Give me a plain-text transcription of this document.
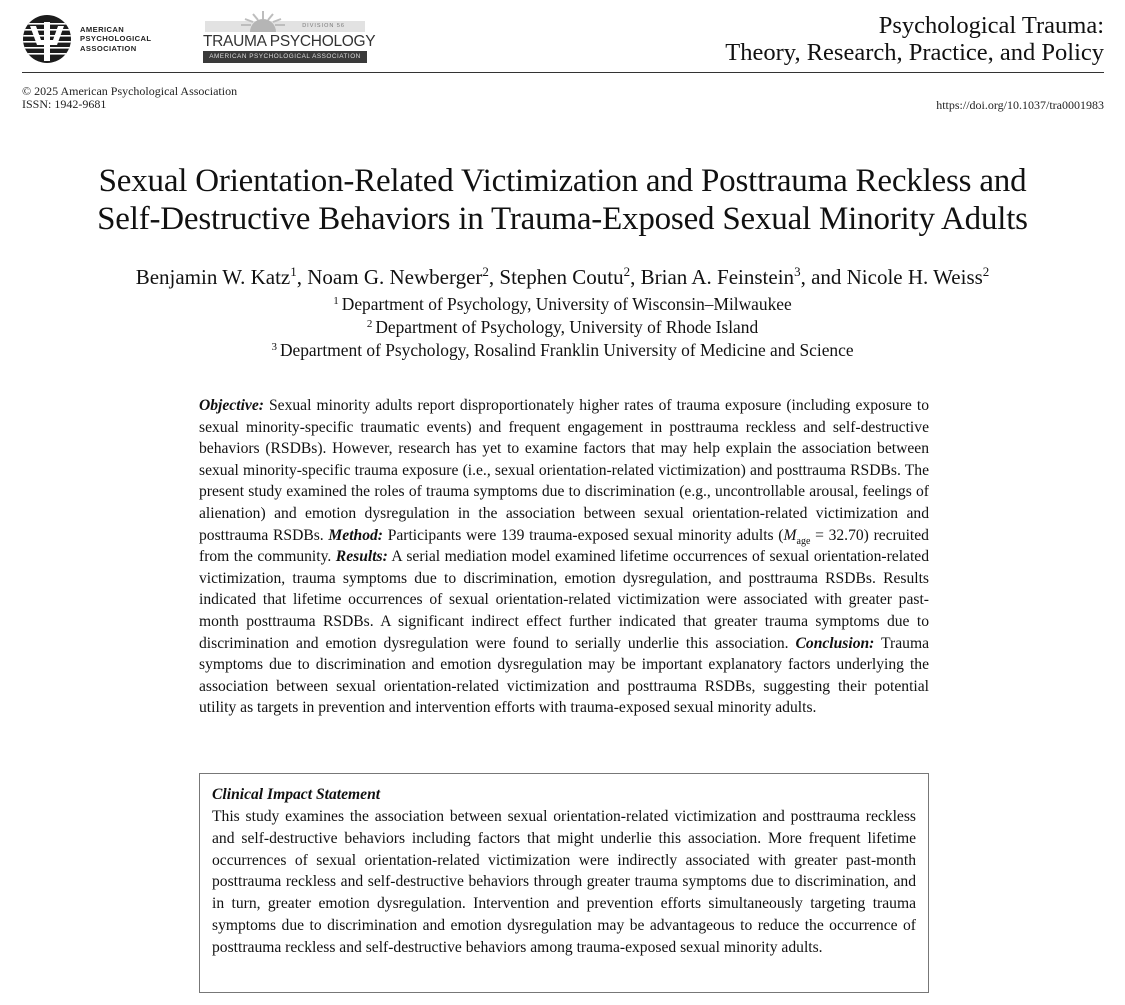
AMERICAN
PSYCHOLOGICAL
ASSOCIATION
DIVISION 56
TRAUMA PSYCHOLOGY
AMERICAN PSYCHOLOGICAL ASSOCIATION
Psychological Trauma:
Theory, Research, Practice, and Policy
© 2025 American Psychological Association
ISSN: 1942-9681	https://doi.org/10.1037/tra0001983
Sexual Orientation-Related Victimization and Posttrauma Reckless and
Self-Destructive Behaviors in Trauma-Exposed Sexual Minority Adults
Benjamin W. Katz$^1$, Noam G. Newberger$^2$, Stephen Coutu$^2$, Brian A. Feinstein$^3$, and Nicole H. Weiss$^2$
$^1$ Department of Psychology, University of Wisconsin–Milwaukee
$^2$ Department of Psychology, University of Rhode Island
$^3$ Department of Psychology, Rosalind Franklin University of Medicine and Science
Objective: Sexual minority adults report disproportionately higher rates of trauma exposure (including exposure to sexual minority-specific traumatic events) and frequent engagement in posttrauma reckless and self-destructive behaviors (RSDBs). However, research has yet to examine factors that may help explain the association between sexual minority-specific trauma exposure (i.e., sexual orientation-related victimization) and posttrauma RSDBs. The present study examined the roles of trauma symptoms due to discrimination (e.g., uncontrollable arousal, feelings of alienation) and emotion dysregulation in the association between sexual orientation-related victimization and posttrauma RSDBs. Method: Participants were 139 trauma-exposed sexual minority adults $(M_{age} = 32.70)$ recruited from the community. Results: A serial mediation model examined lifetime occurrences of sexual orientation-related victimization, trauma symptoms due to discrimination, emotion dysregulation, and posttrauma RSDBs. Results indicated that lifetime occurrences of sexual orientation-related victimization were associated with greater past-month posttrauma RSDBs. A significant indirect effect further indicated that greater trauma symptoms due to discrimination and emotion dysregulation were found to serially underlie this association. Conclusion: Trauma symptoms due to discrimination and emotion dysregulation may be important explanatory factors underlying the association between sexual orientation-related victimization and posttrauma RSDBs, suggesting their potential utility as targets in prevention and intervention efforts with trauma-exposed sexual minority adults.
Clinical Impact Statement
This study examines the association between sexual orientation-related victimization and posttrauma reckless and self-destructive behaviors including factors that might underlie this association. More frequent lifetime occurrences of sexual orientation-related victimization were indirectly associated with greater past-month posttrauma reckless and self-destructive behaviors through greater trauma symptoms due to discrimination, and in turn, greater emotion dysregulation. Intervention and prevention efforts simultaneously targeting trauma symptoms due to discrimination and emotion dysregulation may be advantageous to reduce the occurrence of posttrauma reckless and self-destructive behaviors among trauma-exposed sexual minority adults.
